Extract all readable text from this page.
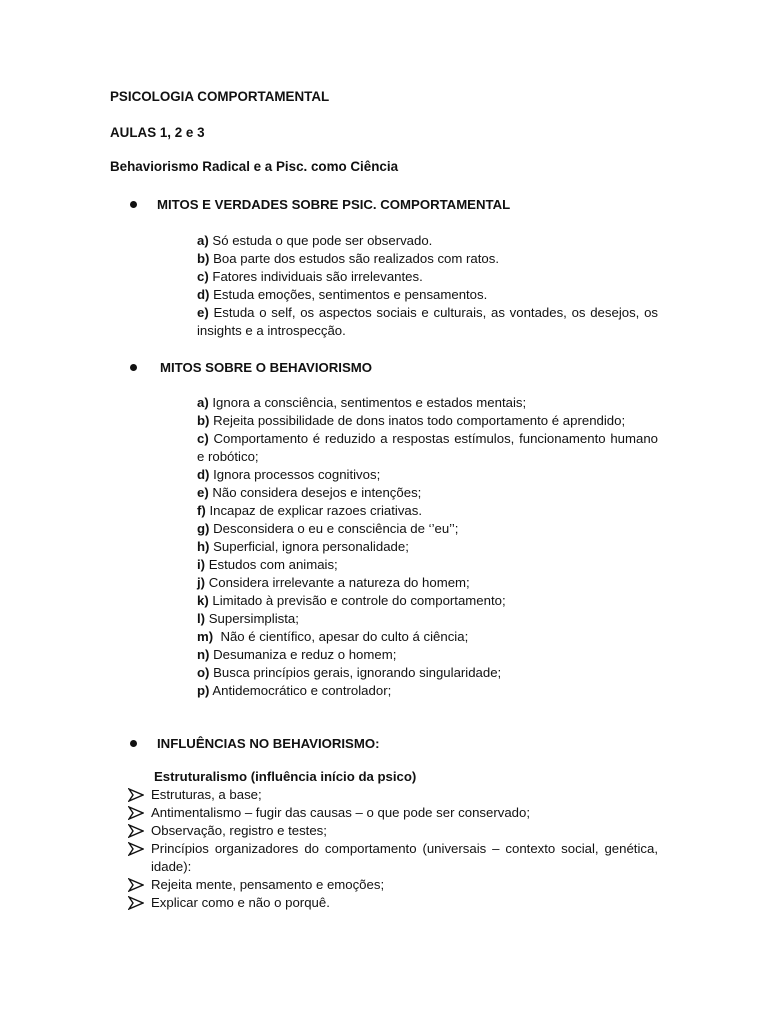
PSICOLOGIA COMPORTAMENTAL
AULAS 1, 2 e 3
Behaviorismo Radical e a Pisc. como Ciência
MITOS E VERDADES SOBRE PSIC. COMPORTAMENTAL
a) Só estuda o que pode ser observado.
b) Boa parte dos estudos são realizados com ratos.
c) Fatores individuais são irrelevantes.
d) Estuda emoções, sentimentos e pensamentos.
e) Estuda o self, os aspectos sociais e culturais, as vontades, os desejos, os insights e a introspecção.
MITOS SOBRE O BEHAVIORISMO
a) Ignora a consciência, sentimentos e estados mentais;
b) Rejeita possibilidade de dons inatos todo comportamento é aprendido;
c) Comportamento é reduzido a respostas estímulos, funcionamento humano e robótico;
d) Ignora processos cognitivos;
e) Não considera desejos e intenções;
f) Incapaz de explicar razoes criativas.
g) Desconsidera o eu e consciência de ‘’eu’’;
h) Superficial, ignora personalidade;
i) Estudos com animais;
j) Considera irrelevante a natureza do homem;
k) Limitado à previsão e controle do comportamento;
l) Supersimplista;
m)  Não é científico, apesar do culto á ciência;
n) Desumaniza e reduz o homem;
o) Busca princípios gerais, ignorando singularidade;
p) Antidemocrático e controlador;
INFLUÊNCIAS NO BEHAVIORISMO:
Estruturalismo (influência início da psico)
Estruturas, a base;
Antimentalismo – fugir das causas – o que pode ser conservado;
Observação, registro e testes;
Princípios organizadores do comportamento (universais – contexto social, genética, idade):
Rejeita mente, pensamento e emoções;
Explicar como e não o porquê.
